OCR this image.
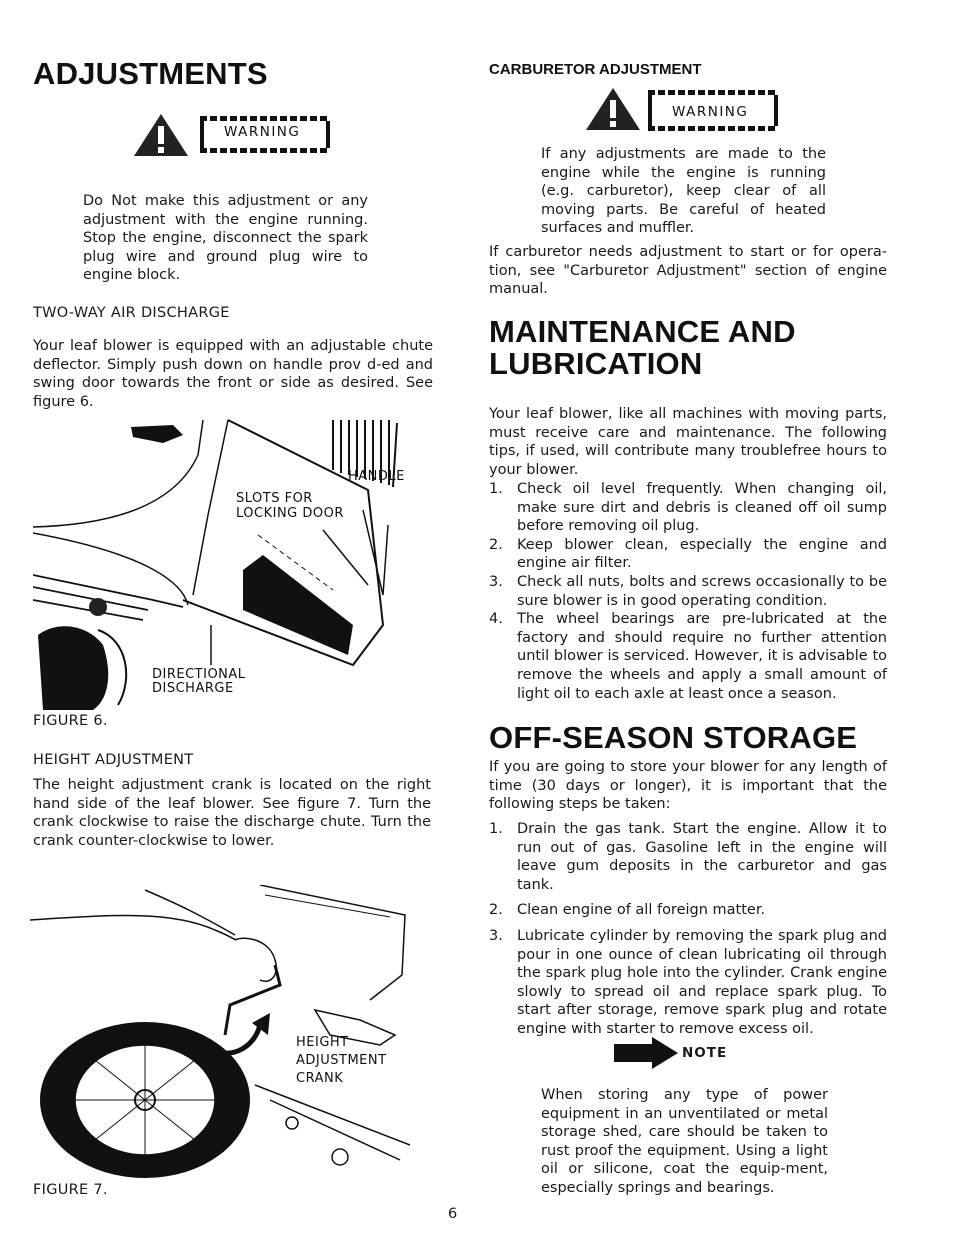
ADJUSTMENTS
WARNING
Do Not make this adjustment or any adjustment with the engine running. Stop the engine, disconnect the spark plug wire and ground plug wire to engine block.
TWO-WAY AIR DISCHARGE
Your leaf blower is equipped with an adjustable chute deflector. Simply push down on handle prov d-ed and swing door towards the front or side as desired. See figure 6.
HANDLE
SLOTS FOR
LOCKING DOOR
DIRECTIONAL
DISCHARGE
FIGURE 6.
HEIGHT ADJUSTMENT
The height adjustment crank is located on the right hand side of the leaf blower. See figure 7. Turn the crank clockwise to raise the discharge chute. Turn the crank counter-clockwise to lower.
HEIGHT
ADJUSTMENT
CRANK
FIGURE 7.
CARBURETOR ADJUSTMENT
WARNING
If any adjustments are made to the engine while the engine is running (e.g. carburetor), keep clear of all moving parts. Be careful of heated surfaces and muffler.
If carburetor needs adjustment to start or for opera-tion, see "Carburetor Adjustment" section of engine manual.
MAINTENANCE AND
LUBRICATION
Your leaf blower, like all machines with moving parts, must receive care and maintenance. The following tips, if used, will contribute many troublefree hours to your blower.
1. Check oil level frequently. When changing oil, make sure dirt and debris is cleaned off oil sump before removing oil plug.
2. Keep blower clean, especially the engine and engine air filter.
3. Check all nuts, bolts and screws occasionally to be sure blower is in good operating condition.
4. The wheel bearings are pre-lubricated at the factory and should require no further attention until blower is serviced. However, it is advisable to remove the wheels and apply a small amount of light oil to each axle at least once a season.
OFF-SEASON STORAGE
If you are going to store your blower for any length of time (30 days or longer), it is important that the following steps be taken:
1. Drain the gas tank. Start the engine. Allow it to run out of gas. Gasoline left in the engine will leave gum deposits in the carburetor and gas tank.
2. Clean engine of all foreign matter.
3. Lubricate cylinder by removing the spark plug and pour in one ounce of clean lubricating oil through the spark plug hole into the cylinder. Crank engine slowly to spread oil and replace spark plug. To start after storage, remove spark plug and rotate engine with starter to remove excess oil.
NOTE
When storing any type of power equipment in an unventilated or metal storage shed, care should be taken to rust proof the equipment. Using a light oil or silicone, coat the equip-ment, especially springs and bearings.
6
